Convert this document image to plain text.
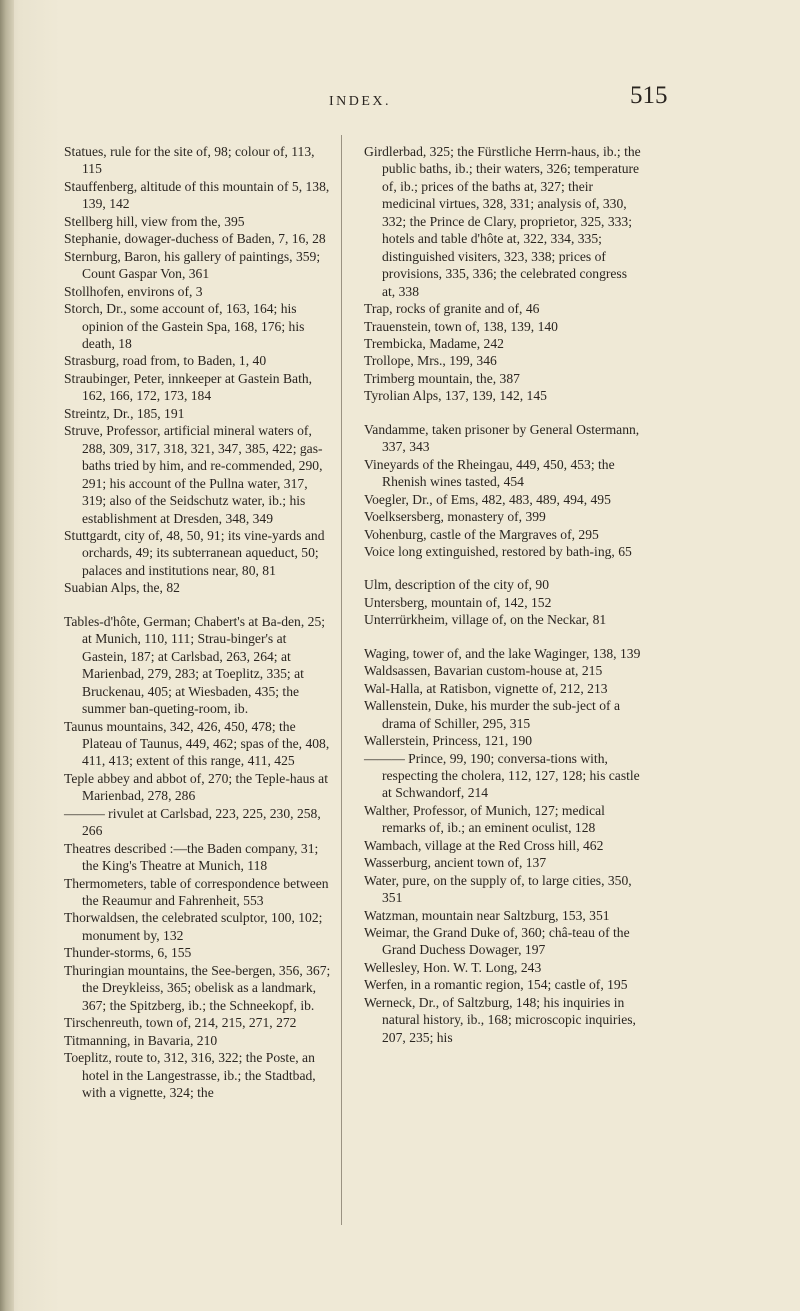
INDEX.	515

Statues, rule for the site of, 98; colour of, 113, 115

Stauffenberg, altitude of this mountain of 5, 138, 139, 142

Stellberg hill, view from the, 395

Stephanie, dowager-duchess of Baden, 7, 16, 28

Sternburg, Baron, his gallery of paintings, 359; Count Gaspar Von, 361

Stollhofen, environs of, 3

Storch, Dr., some account of, 163, 164; his opinion of the Gastein Spa, 168, 176; his death, 18

Strasburg, road from, to Baden, 1, 40

Straubinger, Peter, innkeeper at Gastein Bath, 162, 166, 172, 173, 184

Streintz, Dr., 185, 191

Struve, Professor, artificial mineral waters of, 288, 309, 317, 318, 321, 347, 385, 422; gas-baths tried by him, and re-commended, 290, 291; his account of the Pullna water, 317, 319; also of the Seidschutz water, ib.; his establishment at Dresden, 348, 349

Stuttgardt, city of, 48, 50, 91; its vine-yards and orchards, 49; its subterranean aqueduct, 50; palaces and institutions near, 80, 81

Suabian Alps, the, 82

Tables-d'hôte, German; Chabert's at Ba-den, 25; at Munich, 110, 111; Strau-binger's at Gastein, 187; at Carlsbad, 263, 264; at Marienbad, 279, 283; at Toeplitz, 335; at Bruckenau, 405; at Wiesbaden, 435; the summer ban-queting-room, ib.

Taunus mountains, 342, 426, 450, 478; the Plateau of Taunus, 449, 462; spas of the, 408, 411, 413; extent of this range, 411, 425

Teple abbey and abbot of, 270; the Teple-haus at Marienbad, 278, 286

——— rivulet at Carlsbad, 223, 225, 230, 258, 266

Theatres described :—the Baden company, 31; the King's Theatre at Munich, 118

Thermometers, table of correspondence between the Reaumur and Fahrenheit, 553

Thorwaldsen, the celebrated sculptor, 100, 102; monument by, 132

Thunder-storms, 6, 155

Thuringian mountains, the See-bergen, 356, 367; the Dreykleiss, 365; obelisk as a landmark, 367; the Spitzberg, ib.; the Schneekopf, ib.

Tirschenreuth, town of, 214, 215, 271, 272

Titmanning, in Bavaria, 210

Toeplitz, route to, 312, 316, 322; the Poste, an hotel in the Langestrasse, ib.; the Stadtbad, with a vignette, 324; the

Girdlerbad, 325; the Fürstliche Herrn-haus, ib.; the public baths, ib.; their waters, 326; temperature of, ib.; prices of the baths at, 327; their medicinal virtues, 328, 331; analysis of, 330, 332; the Prince de Clary, proprietor, 325, 333; hotels and table d'hôte at, 322, 334, 335; distinguished visiters, 323, 338; prices of provisions, 335, 336; the celebrated congress at, 338

Trap, rocks of granite and of, 46

Trauenstein, town of, 138, 139, 140

Trembicka, Madame, 242

Trollope, Mrs., 199, 346

Trimberg mountain, the, 387

Tyrolian Alps, 137, 139, 142, 145

Vandamme, taken prisoner by General Ostermann, 337, 343

Vineyards of the Rheingau, 449, 450, 453; the Rhenish wines tasted, 454

Voegler, Dr., of Ems, 482, 483, 489, 494, 495

Voelksersberg, monastery of, 399

Vohenburg, castle of the Margraves of, 295

Voice long extinguished, restored by bath-ing, 65

Ulm, description of the city of, 90

Untersberg, mountain of, 142, 152

Unterrürkheim, village of, on the Neckar, 81

Waging, tower of, and the lake Waginger, 138, 139

Waldsassen, Bavarian custom-house at, 215

Wal-Halla, at Ratisbon, vignette of, 212, 213

Wallenstein, Duke, his murder the sub-ject of a drama of Schiller, 295, 315

Wallerstein, Princess, 121, 190

——— Prince, 99, 190; conversa-tions with, respecting the cholera, 112, 127, 128; his castle at Schwandorf, 214

Walther, Professor, of Munich, 127; medical remarks of, ib.; an eminent oculist, 128

Wambach, village at the Red Cross hill, 462

Wasserburg, ancient town of, 137

Water, pure, on the supply of, to large cities, 350, 351

Watzman, mountain near Saltzburg, 153, 351

Weimar, the Grand Duke of, 360; châ-teau of the Grand Duchess Dowager, 197

Wellesley, Hon. W. T. Long, 243

Werfen, in a romantic region, 154; castle of, 195

Werneck, Dr., of Saltzburg, 148; his inquiries in natural history, ib., 168; microscopic inquiries, 207, 235; his
